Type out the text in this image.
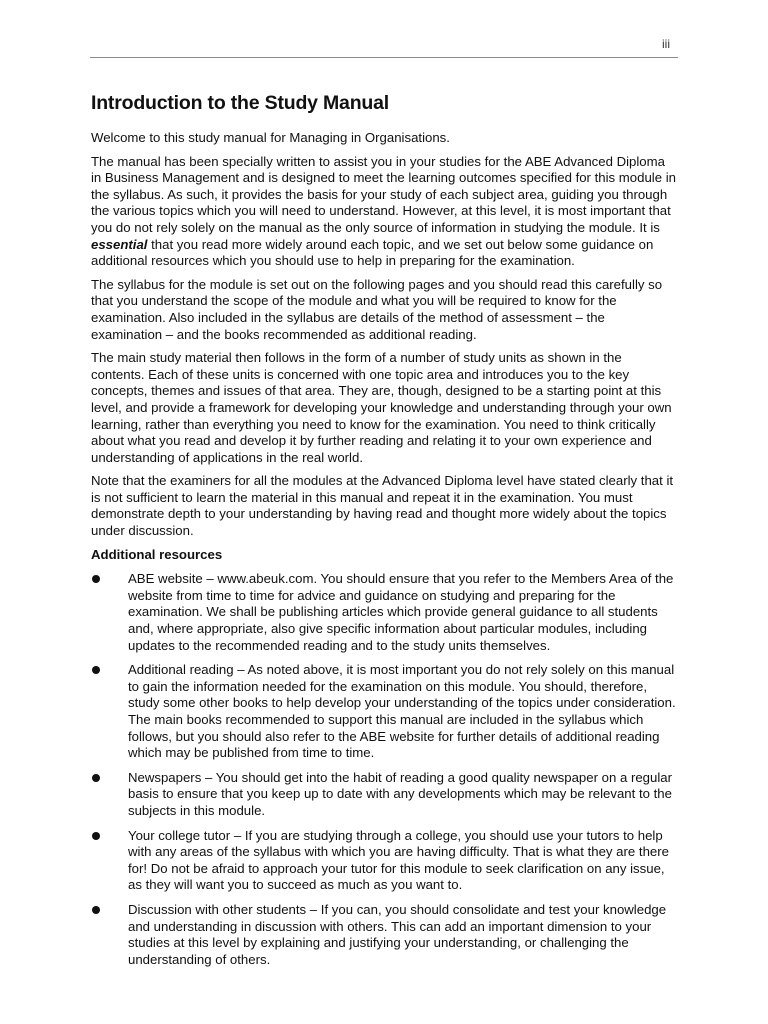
iii
Introduction to the Study Manual

Welcome to this study manual for Managing in Organisations.

The manual has been specially written to assist you in your studies for the ABE Advanced Diploma in Business Management and is designed to meet the learning outcomes specified for this module in the syllabus. As such, it provides the basis for your study of each subject area, guiding you through the various topics which you will need to understand. However, at this level, it is most important that you do not rely solely on the manual as the only source of information in studying the module. It is essential that you read more widely around each topic, and we set out below some guidance on additional resources which you should use to help in preparing for the examination.

The syllabus for the module is set out on the following pages and you should read this carefully so that you understand the scope of the module and what you will be required to know for the examination. Also included in the syllabus are details of the method of assessment – the examination – and the books recommended as additional reading.

The main study material then follows in the form of a number of study units as shown in the contents. Each of these units is concerned with one topic area and introduces you to the key concepts, themes and issues of that area. They are, though, designed to be a starting point at this level, and provide a framework for developing your knowledge and understanding through your own learning, rather than everything you need to know for the examination. You need to think critically about what you read and develop it by further reading and relating it to your own experience and understanding of applications in the real world.

Note that the examiners for all the modules at the Advanced Diploma level have stated clearly that it is not sufficient to learn the material in this manual and repeat it in the examination. You must demonstrate depth to your understanding by having read and thought more widely about the topics under discussion.

Additional resources
ABE website – www.abeuk.com. You should ensure that you refer to the Members Area of the website from time to time for advice and guidance on studying and preparing for the examination. We shall be publishing articles which provide general guidance to all students and, where appropriate, also give specific information about particular modules, including updates to the recommended reading and to the study units themselves.
Additional reading – As noted above, it is most important you do not rely solely on this manual to gain the information needed for the examination on this module. You should, therefore, study some other books to help develop your understanding of the topics under consideration. The main books recommended to support this manual are included in the syllabus which follows, but you should also refer to the ABE website for further details of additional reading which may be published from time to time.
Newspapers – You should get into the habit of reading a good quality newspaper on a regular basis to ensure that you keep up to date with any developments which may be relevant to the subjects in this module.
Your college tutor – If you are studying through a college, you should use your tutors to help with any areas of the syllabus with which you are having difficulty. That is what they are there for! Do not be afraid to approach your tutor for this module to seek clarification on any issue, as they will want you to succeed as much as you want to.
Discussion with other students – If you can, you should consolidate and test your knowledge and understanding in discussion with others. This can add an important dimension to your studies at this level by explaining and justifying your understanding, or challenging the understanding of others.
